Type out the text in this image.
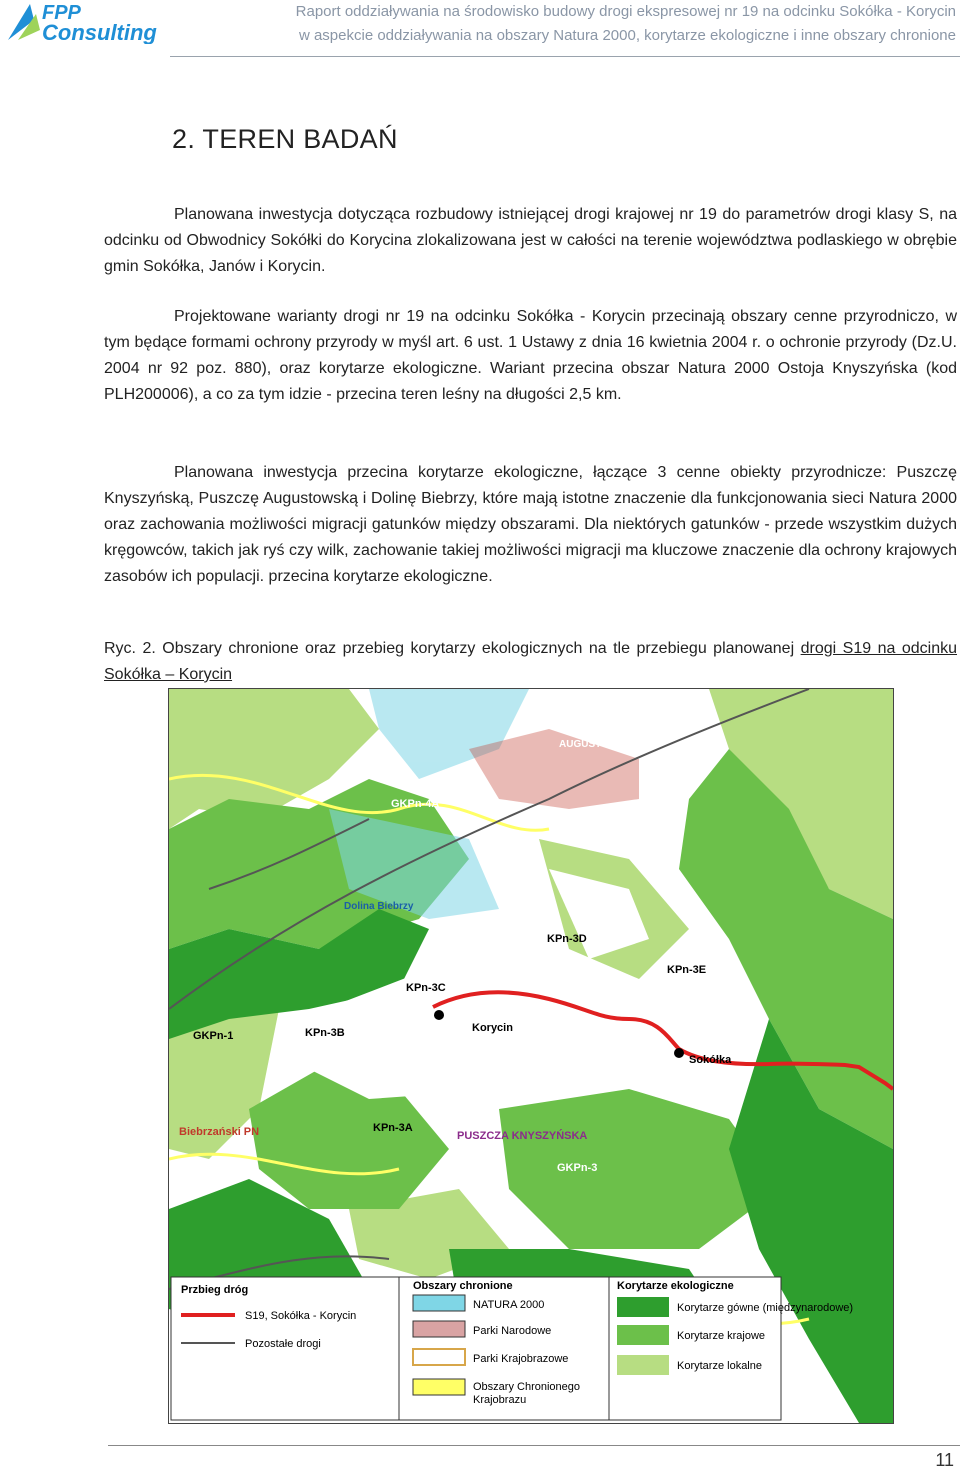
FPP
Consulting
Raport oddziaływania na środowisko budowy drogi ekspresowej nr 19 na odcinku Sokółka - Korycin
w aspekcie oddziaływania na obszary Natura 2000, korytarze ekologiczne i inne obszary chronione
2. TEREN BADAŃ

Planowana inwestycja dotycząca rozbudowy istniejącej drogi krajowej nr 19 do parametrów drogi klasy S, na odcinku od Obwodnicy Sokółki do Korycina zlokalizowana jest w całości na terenie województwa podlaskiego w obrębie gmin Sokółka, Janów i Korycin.

Projektowane warianty drogi nr 19 na odcinku Sokółka - Korycin przecinają obszary cenne przyrodniczo, w tym będące formami ochrony przyrody w myśl art. 6 ust. 1 Ustawy z dnia 16 kwietnia 2004 r. o ochronie przyrody (Dz.U. 2004 nr 92 poz. 880), oraz korytarze ekologiczne. Wariant przecina obszar Natura 2000 Ostoja Knyszyńska (kod PLH200006), a co za tym idzie - przecina teren leśny na długości 2,5 km.

Planowana inwestycja przecina korytarze ekologiczne, łączące 3 cenne obiekty przyrodnicze: Puszczę Knyszyńską, Puszczę Augustowską i Dolinę Biebrzy, które mają istotne znaczenie dla funkcjonowania sieci Natura 2000 oraz zachowania możliwości migracji gatunków między obszarami. Dla niektórych gatunków - przede wszystkim dużych kręgowców, takich jak ryś czy wilk, zachowanie takiej możliwości migracji ma kluczowe znaczenie dla ochrony krajowych zasobów ich populacji. przecina korytarze ekologiczne.

Ryc. 2. Obszary chronione oraz przebieg korytarzy ekologicznych na tle przebiegu planowanej drogi S19 na odcinku Sokółka – Korycin

GKPn-4
PUSZCZA
AUGUSTOWSKA
GKPn-4A
Dolina Biebrzy
KPn-3D
KPn-3E
KPn-3C
Korycin
Sokółka
GKPn-1	KPn-3B
Biebrzański PN	KPn-3A
PUSZCZA KNYSZYŃSKA
GKPn-3
Przbieg dróg
S19, Sokółka - Korycin
Pozostałe drogi
Obszary chronione
NATURA 2000
Parki Narodowe
Parki Krajobrazowe
Obszary Chronionego
Krajobrazu
Korytarze ekologiczne
Korytarze gówne (międzynarodowe)
Korytarze krajowe
Korytarze lokalne
11
